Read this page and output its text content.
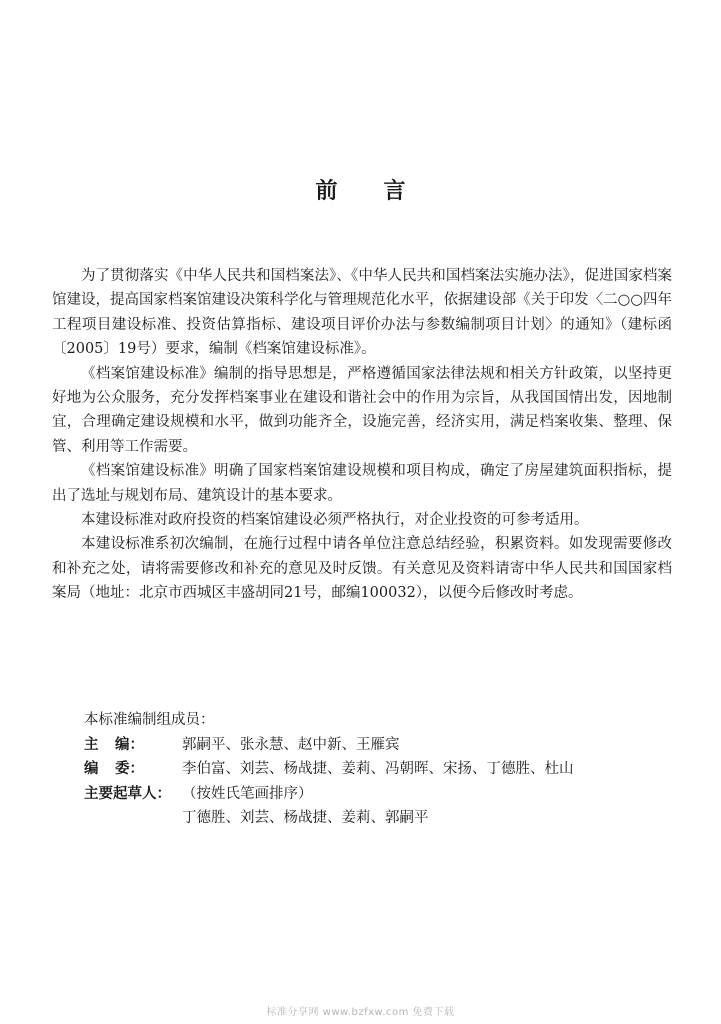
前 言

为了贯彻落实《中华人民共和国档案法》、《中华人民共和国档案法实施办法》，促进国家档案馆建设，提高国家档案馆建设决策科学化与管理规范化水平，依据建设部《关于印发〈二○○四年工程项目建设标准、投资估算指标、建设项目评价办法与参数编制项目计划〉的通知》（建标函〔2005〕19号）要求，编制《档案馆建设标准》。

《档案馆建设标准》编制的指导思想是，严格遵循国家法律法规和相关方针政策，以坚持更好地为公众服务，充分发挥档案事业在建设和谐社会中的作用为宗旨，从我国国情出发，因地制宜，合理确定建设规模和水平，做到功能齐全，设施完善，经济实用，满足档案收集、整理、保管、利用等工作需要。

《档案馆建设标准》明确了国家档案馆建设规模和项目构成，确定了房屋建筑面积指标，提出了选址与规划布局、建筑设计的基本要求。

本建设标准对政府投资的档案馆建设必须严格执行，对企业投资的可参考适用。

本建设标准系初次编制，在施行过程中请各单位注意总结经验，积累资料。如发现需要修改和补充之处，请将需要修改和补充的意见及时反馈。有关意见及资料请寄中华人民共和国国家档案局（地址：北京市西城区丰盛胡同21号，邮编100032），以便今后修改时考虑。

本标准编制组成员：
主 编：	郭嗣平、张永慧、赵中新、王雁宾
编 委：	李伯富、刘芸、杨战捷、姜莉、冯朝晖、宋扬、丁德胜、杜山
主要起草人： （按姓氏笔画排序）
丁德胜、刘芸、杨战捷、姜莉、郭嗣平
标准分享网 www.bzfxw.com 免费下载
